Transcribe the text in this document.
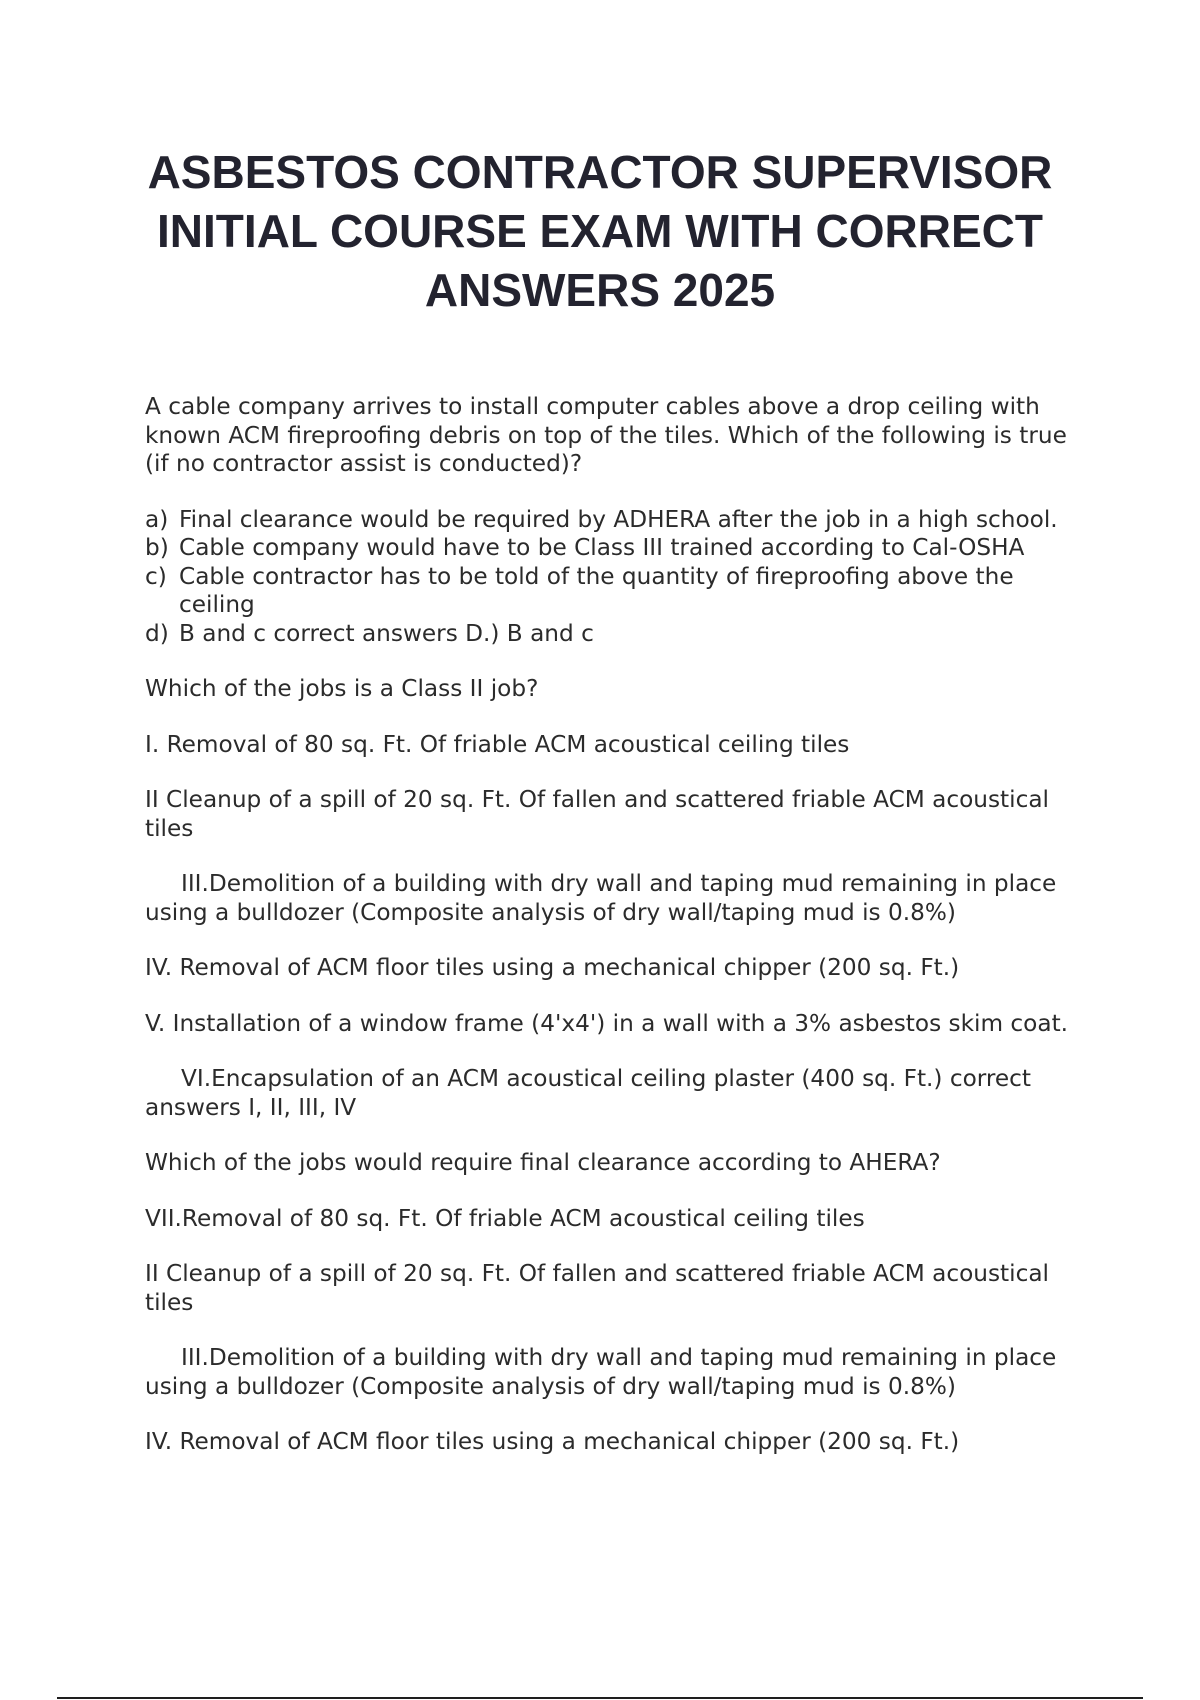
ASBESTOS CONTRACTOR SUPERVISOR INITIAL COURSE EXAM WITH CORRECT ANSWERS 2025

A cable company arrives to install computer cables above a drop ceiling with known ACM fireproofing debris on top of the tiles. Which of the following is true (if no contractor assist is conducted)?

a) Final clearance would be required by ADHERA after the job in a high school.
b) Cable company would have to be Class III trained according to Cal-OSHA
c) Cable contractor has to be told of the quantity of fireproofing above the ceiling
d) B and c correct answers D.) B and c

Which of the jobs is a Class II job?

I. Removal of 80 sq. Ft. Of friable ACM acoustical ceiling tiles

II Cleanup of a spill of 20 sq. Ft. Of fallen and scattered friable ACM acoustical tiles

III.Demolition of a building with dry wall and taping mud remaining in place using a bulldozer (Composite analysis of dry wall/taping mud is 0.8%)

IV. Removal of ACM floor tiles using a mechanical chipper (200 sq. Ft.)

V. Installation of a window frame (4'x4') in a wall with a 3% asbestos skim coat.

VI.Encapsulation of an ACM acoustical ceiling plaster (400 sq. Ft.) correct answers I, II, III, IV

Which of the jobs would require final clearance according to AHERA?

VII.Removal of 80 sq. Ft. Of friable ACM acoustical ceiling tiles

II Cleanup of a spill of 20 sq. Ft. Of fallen and scattered friable ACM acoustical tiles

III.Demolition of a building with dry wall and taping mud remaining in place using a bulldozer (Composite analysis of dry wall/taping mud is 0.8%)

IV. Removal of ACM floor tiles using a mechanical chipper (200 sq. Ft.)
